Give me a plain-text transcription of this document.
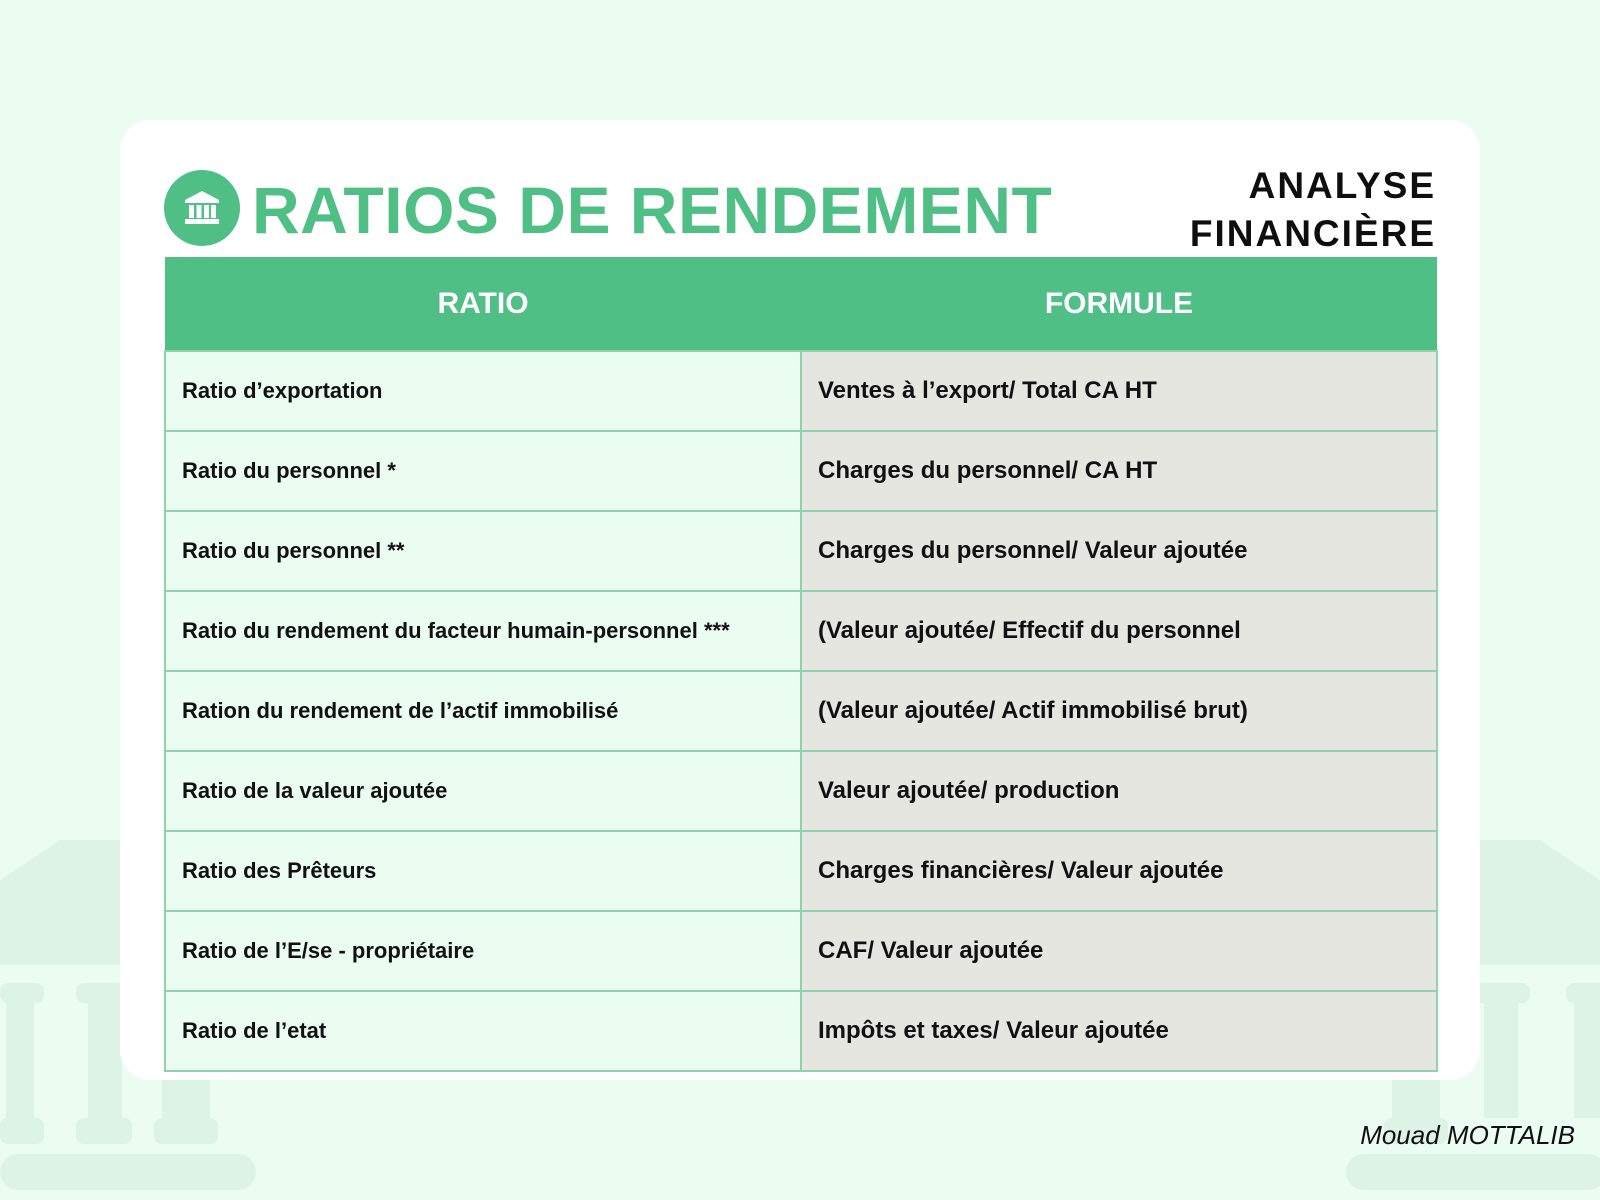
RATIOS DE RENDEMENT	ANALYSE
FINANCIÈRE
RATIO	FORMULE
Ratio d’exportation	Ventes à l’export/ Total CA HT
Ratio du personnel *	Charges du personnel/ CA HT
Ratio du personnel **	Charges du personnel/ Valeur ajoutée
Ratio du rendement du facteur humain-personnel ***	(Valeur ajoutée/ Effectif du personnel
Ration du rendement de l’actif immobilisé	(Valeur ajoutée/ Actif immobilisé brut)
Ratio de la valeur ajoutée	Valeur ajoutée/ production
Ratio des Prêteurs	Charges financières/ Valeur ajoutée
Ratio de l’E/se - propriétaire	CAF/ Valeur ajoutée
Ratio de l’etat	Impôts et taxes/ Valeur ajoutée
Mouad MOTTALIB
